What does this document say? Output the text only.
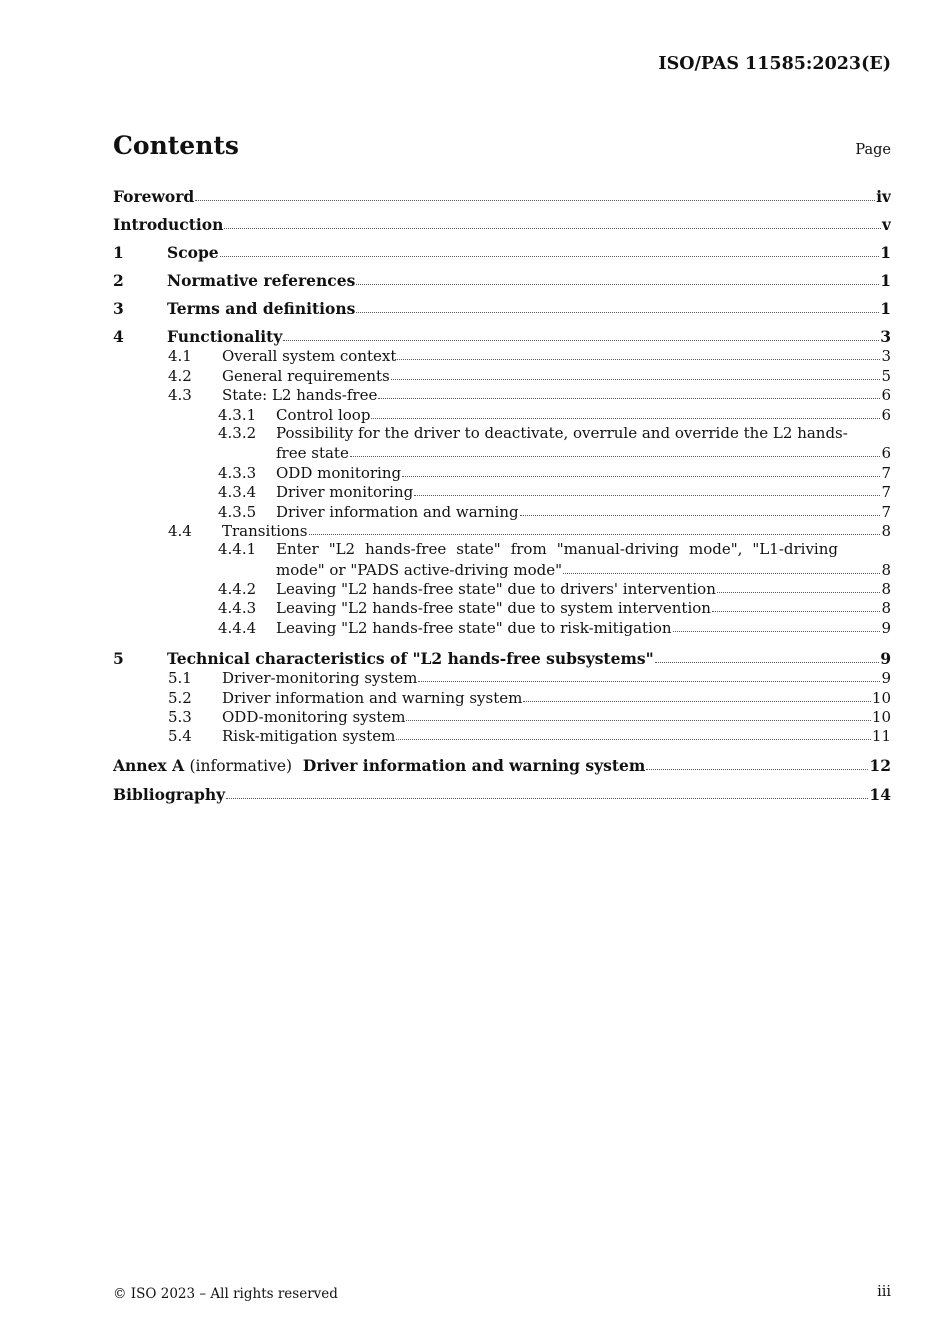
ISO/PAS 11585:2023(E)
Contents	Page
Foreword	iv
Introduction	v
1	Scope	1
2	Normative references	1
3	Terms and definitions	1
4	Functionality	3
4.1 Overall system context	3
4.2 General requirements	5
4.3 State: L2 hands-free	6
4.3.1 Control loop	6
4.3.2 Possibility for the driver to deactivate, overrule and override the L2 hands-
free state	6
4.3.3 ODD monitoring	7
4.3.4 Driver monitoring	7
4.3.5 Driver information and warning	7
4.4 Transitions	8
4.4.1 Enter "L2 hands-free state" from "manual-driving mode", "L1-driving
mode" or "PADS active-driving mode"	8
4.4.2 Leaving "L2 hands-free state" due to drivers' intervention	8
4.4.3 Leaving "L2 hands-free state" due to system intervention	8
4.4.4 Leaving "L2 hands-free state" due to risk-mitigation	9
5	Technical characteristics of "L2 hands-free subsystems"	9
5.1 Driver-monitoring system	9
5.2 Driver information and warning system	10
5.3 ODD-monitoring system	10
5.4 Risk-mitigation system	11
Annex A (informative) Driver information and warning system	12
Bibliography	14
© ISO 2023 – All rights reserved	iii
